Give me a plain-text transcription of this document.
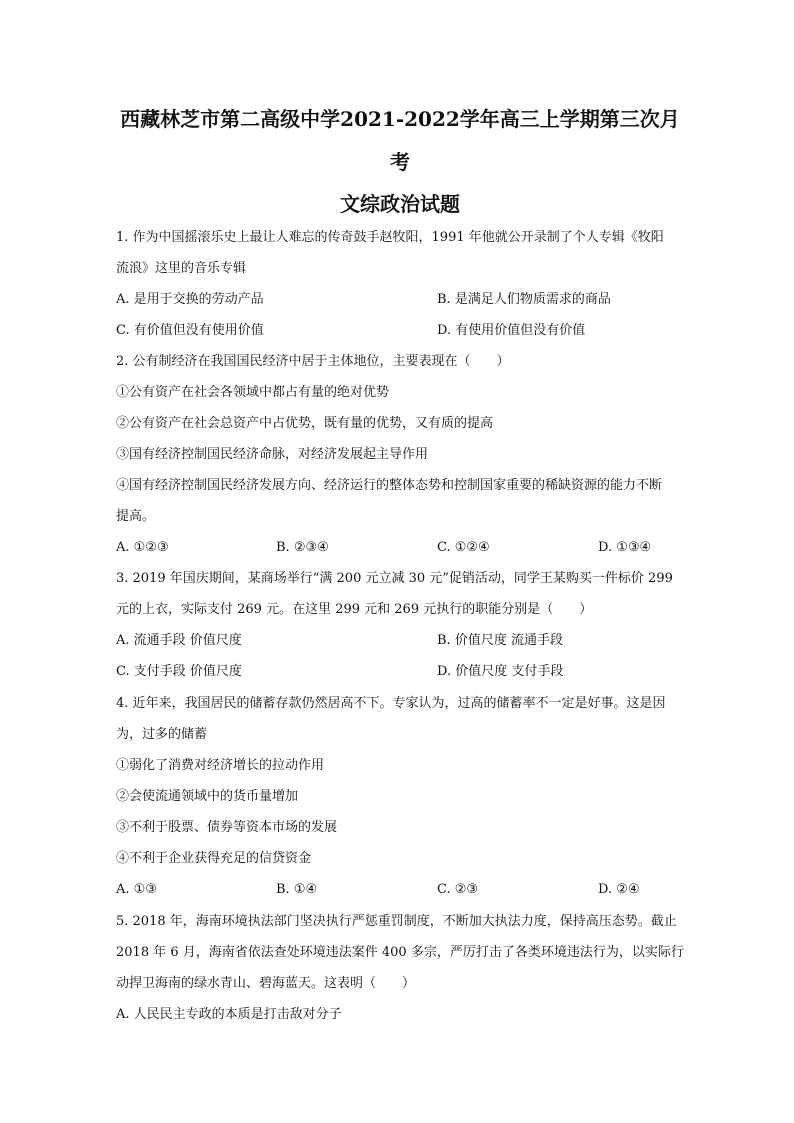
西藏林芝市第二高级中学2021-2022学年高三上学期第三次月
考
文综政治试题
1. 作为中国摇滚乐史上最让人难忘的传奇鼓手赵牧阳，1991 年他就公开录制了个人专辑《牧阳
流浪》这里的音乐专辑
A. 是用于交换的劳动产品	B. 是满足人们物质需求的商品
C. 有价值但没有使用价值	D. 有使用价值但没有价值
2. 公有制经济在我国国民经济中居于主体地位，主要表现在（　　）
①公有资产在社会各领域中都占有量的绝对优势
②公有资产在社会总资产中占优势，既有量的优势，又有质的提高
③国有经济控制国民经济命脉，对经济发展起主导作用
④国有经济控制国民经济发展方向、经济运行的整体态势和控制国家重要的稀缺资源的能力不断
提高。
A. ①②③	B. ②③④	C. ①②④	D. ①③④
3. 2019 年国庆期间，某商场举行“满 200 元立减 30 元”促销活动，同学王某购买一件标价 299
元的上衣，实际支付 269 元。在这里 299 元和 269 元执行的职能分别是（　　）
A. 流通手段 价值尺度	B. 价值尺度 流通手段
C. 支付手段 价值尺度	D. 价值尺度 支付手段
4. 近年来，我国居民的储蓄存款仍然居高不下。专家认为，过高的储蓄率不一定是好事。这是因
为，过多的储蓄
①弱化了消费对经济增长的拉动作用
②会使流通领域中的货币量增加
③不利于股票、债券等资本市场的发展
④不利于企业获得充足的信贷资金
A. ①③	B. ①④	C. ②③	D. ②④
5. 2018 年，海南环境执法部门坚决执行严惩重罚制度，不断加大执法力度，保持高压态势。截止
2018 年 6 月，海南省依法查处环境违法案件 400 多宗，严厉打击了各类环境违法行为，以实际行
动捍卫海南的绿水青山、碧海蓝天。这表明（　　）
A. 人民民主专政的本质是打击敌对分子
